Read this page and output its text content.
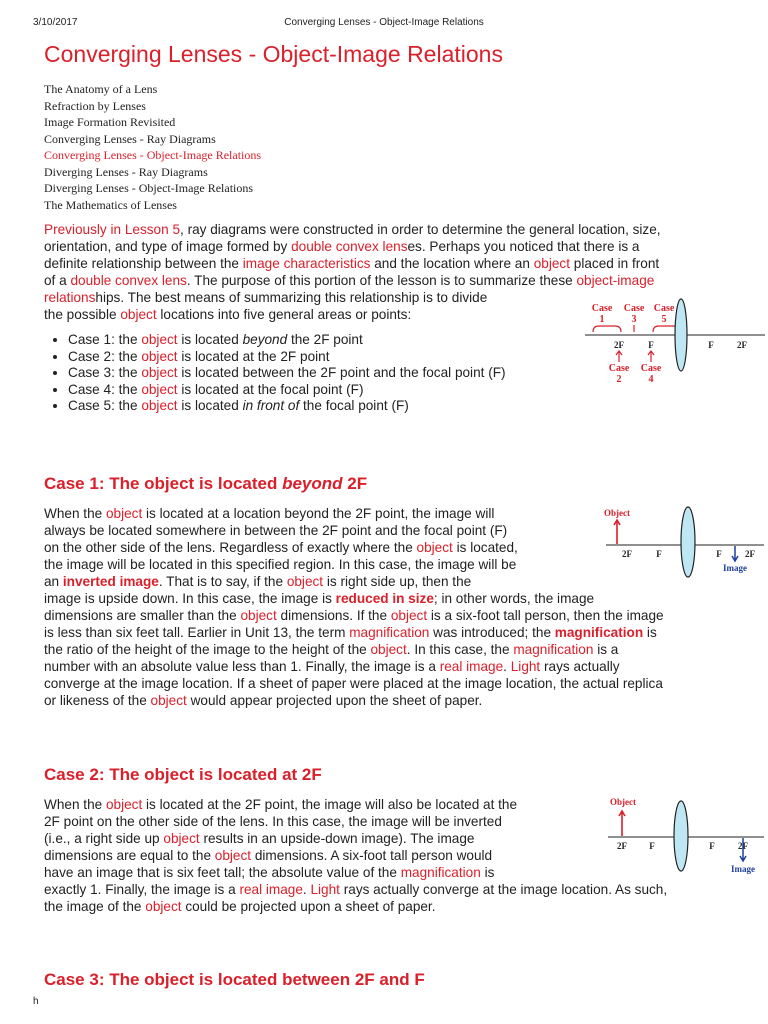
3/10/2017	Converging Lenses - Object-Image Relations
Converging Lenses - Object-Image Relations
The Anatomy of a Lens
Refraction by Lenses
Image Formation Revisited
Converging Lenses - Ray Diagrams
Converging Lenses - Object-Image Relations
Diverging Lenses - Ray Diagrams
Diverging Lenses - Object-Image Relations
The Mathematics of Lenses
Previously in Lesson 5, ray diagrams were constructed in order to determine the general location, size,
orientation, and type of image formed by double convex lenses. Perhaps you noticed that there is a
definite relationship between the image characteristics and the location where an object placed in front
of a double convex lens. The purpose of this portion of the lesson is to summarize these object-image
relationships. The best means of summarizing this relationship is to divide
the possible object locations into five general areas or points:
• Case 1: the object is located beyond the 2F point
• Case 2: the object is located at the 2F point
• Case 3: the object is located between the 2F point and the focal point (F)
• Case 4: the object is located at the focal point (F)
• Case 5: the object is located in front of the focal point (F)
Case
1
Case
3
Case
5
2F	F	F	2F
Case
2
Case
4
Case 1: The object is located beyond 2F
When the object is located at a location beyond the 2F point, the image will
always be located somewhere in between the 2F point and the focal point (F)
on the other side of the lens. Regardless of exactly where the object is located,
the image will be located in this specified region. In this case, the image will be
an inverted image. That is to say, if the object is right side up, then the
image is upside down. In this case, the image is reduced in size; in other words, the image
dimensions are smaller than the object dimensions. If the object is a six-foot tall person, then the image
is less than six feet tall. Earlier in Unit 13, the term magnification was introduced; the magnification is
the ratio of the height of the image to the height of the object. In this case, the magnification is a
number with an absolute value less than 1. Finally, the image is a real image. Light rays actually
converge at the image location. If a sheet of paper were placed at the image location, the actual replica
or likeness of the object would appear projected upon the sheet of paper.
Object
2F	F	F	2F
Image
Case 2: The object is located at 2F
When the object is located at the 2F point, the image will also be located at the
2F point on the other side of the lens. In this case, the image will be inverted
(i.e., a right side up object results in an upside-down image). The image
dimensions are equal to the object dimensions. A six-foot tall person would
have an image that is six feet tall; the absolute value of the magnification is
exactly 1. Finally, the image is a real image. Light rays actually converge at the image location. As such,
the image of the object could be projected upon a sheet of paper.
Object
2F F	F	2F
Image
Case 3: The object is located between 2F and F
h
